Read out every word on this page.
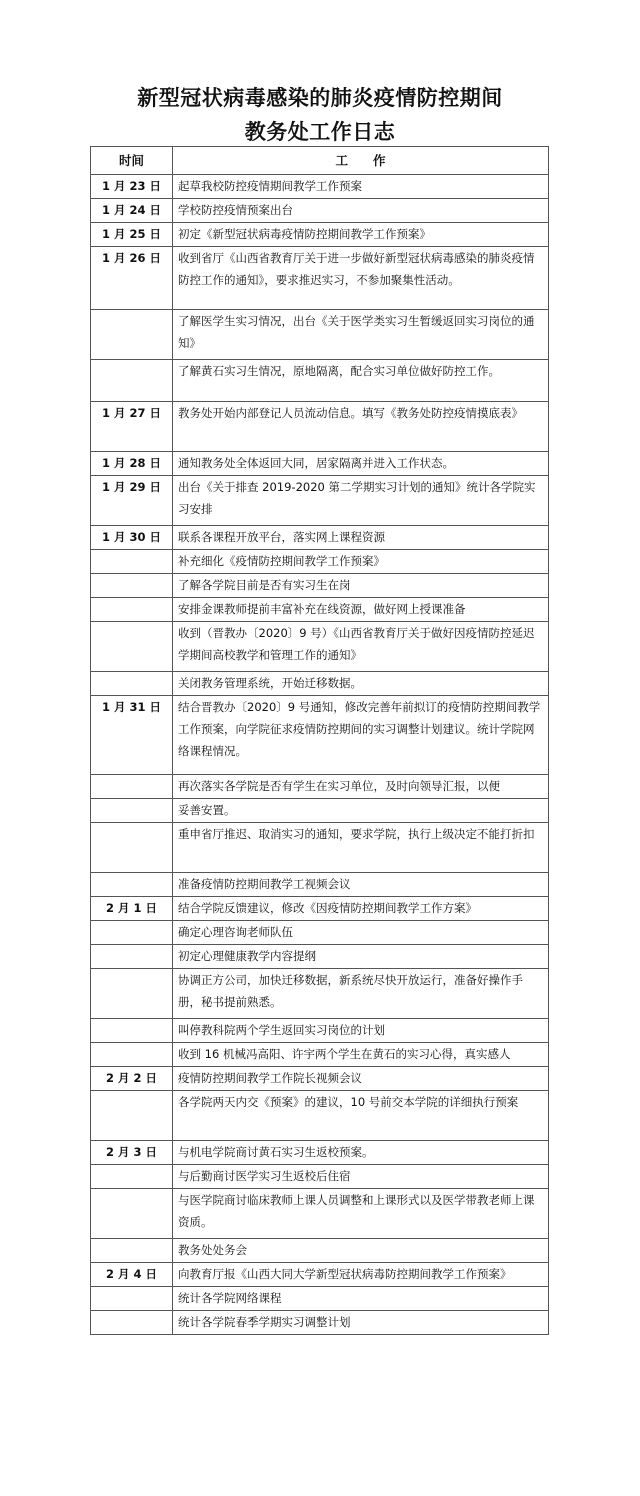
新型冠状病毒感染的肺炎疫情防控期间
教务处工作日志
时间	工　　作
1 月 23 日	起草我校防控疫情期间教学工作预案
1 月 24 日	学校防控疫情预案出台
1 月 25 日	初定《新型冠状病毒疫情防控期间教学工作预案》
1 月 26 日	收到省厅《山西省教育厅关于进一步做好新型冠状病毒感染的肺炎疫情防控工作的通知》，要求推迟实习，不参加聚集性活动。
	了解医学生实习情况，出台《关于医学类实习生暂缓返回实习岗位的通知》
	了解黄石实习生情况，原地隔离，配合实习单位做好防控工作。
1 月 27 日	教务处开始内部登记人员流动信息。填写《教务处防控疫情摸底表》
1 月 28 日	通知教务处全体返回大同，居家隔离并进入工作状态。
1 月 29 日	出台《关于排查 2019-2020 第二学期实习计划的通知》统计各学院实习安排
1 月 30 日	联系各课程开放平台，落实网上课程资源
	补充细化《疫情防控期间教学工作预案》
	了解各学院目前是否有实习生在岗
	安排金课教师提前丰富补充在线资源，做好网上授课准备
	收到（晋教办〔2020〕9 号）《山西省教育厅关于做好因疫情防控延迟学期间高校教学和管理工作的通知》
	关闭教务管理系统，开始迁移数据。
1 月 31 日	结合晋教办〔2020〕9 号通知，修改完善年前拟订的疫情防控期间教学工作预案，向学院征求疫情防控期间的实习调整计划建议。统计学院网络课程情况。
	再次落实各学院是否有学生在实习单位，及时向领导汇报，以便
	妥善安置。
	重申省厅推迟、取消实习的通知，要求学院，执行上级决定不能打折扣
	准备疫情防控期间教学工视频会议
2 月 1 日	结合学院反馈建议，修改《因疫情防控期间教学工作方案》
	确定心理咨询老师队伍
	初定心理健康教学内容提纲
	协调正方公司，加快迁移数据，新系统尽快开放运行，准备好操作手册，秘书提前熟悉。
	叫停教科院两个学生返回实习岗位的计划
	收到 16 机械冯高阳、许宇两个学生在黄石的实习心得，真实感人
2 月 2 日	疫情防控期间教学工作院长视频会议
	各学院两天内交《预案》的建议，10 号前交本学院的详细执行预案
2 月 3 日	与机电学院商讨黄石实习生返校预案。
	与后勤商讨医学实习生返校后住宿
	与医学院商讨临床教师上课人员调整和上课形式以及医学带教老师上课资质。
	教务处处务会
2 月 4 日	向教育厅报《山西大同大学新型冠状病毒防控期间教学工作预案》
	统计各学院网络课程
	统计各学院春季学期实习调整计划
